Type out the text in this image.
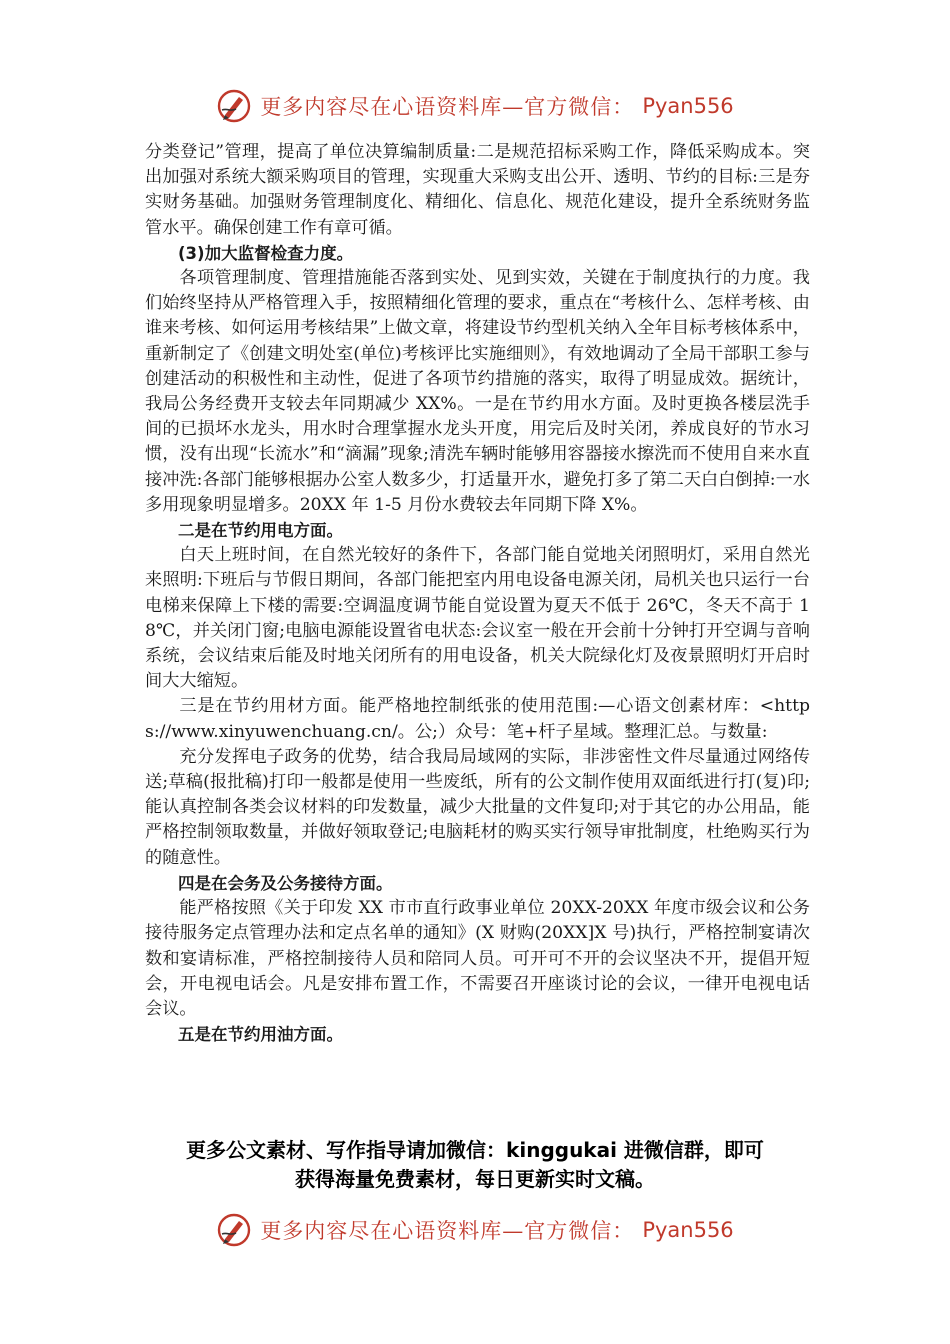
更多内容尽在心语资料库—官方微信： Pyan556

分类登记”管理，提高了单位决算编制质量:二是规范招标采购工作，降低采购成本。突出加强对系统大额采购项目的管理，实现重大采购支出公开、透明、节约的目标:三是夯实财务基础。加强财务管理制度化、精细化、信息化、规范化建设，提升全系统财务监管水平。确保创建工作有章可循。

(3)加大监督检查力度。

各项管理制度、管理措施能否落到实处、见到实效，关键在于制度执行的力度。我们始终坚持从严格管理入手，按照精细化管理的要求，重点在“考核什么、怎样考核、由谁来考核、如何运用考核结果”上做文章，将建设节约型机关纳入全年目标考核体系中，重新制定了《创建文明处室(单位)考核评比实施细则》，有效地调动了全局干部职工参与创建活动的积极性和主动性，促进了各项节约措施的落实，取得了明显成效。据统计，我局公务经费开支较去年同期减少 XX%。一是在节约用水方面。及时更换各楼层洗手间的已损坏水龙头，用水时合理掌握水龙头开度，用完后及时关闭，养成良好的节水习惯，没有出现“长流水”和“滴漏”现象;清洗车辆时能够用容器接水擦洗而不使用自来水直接冲洗:各部门能够根据办公室人数多少，打适量开水，避免打多了第二天白白倒掉:一水多用现象明显增多。20XX 年 1-5 月份水费较去年同期下降 X%。

二是在节约用电方面。

白天上班时间，在自然光较好的条件下，各部门能自觉地关闭照明灯，采用自然光来照明:下班后与节假日期间，各部门能把室内用电设备电源关闭，局机关也只运行一台电梯来保障上下楼的需要:空调温度调节能自觉设置为夏天不低于 26℃，冬天不高于 18℃，并关闭门窗;电脑电源能设置省电状态:会议室一般在开会前十分钟打开空调与音响系统，会议结束后能及时地关闭所有的用电设备，机关大院绿化灯及夜景照明灯开启时间大大缩短。

三是在节约用材方面。能严格地控制纸张的使用范围:—心语文创素材库：<https://www.xinyuwenchuang.cn/。公;）众号：笔+杆子星域。整理汇总。与数量:

充分发挥电子政务的优势，结合我局局域网的实际，非涉密性文件尽量通过网络传送;草稿(报批稿)打印一般都是使用一些废纸，所有的公文制作使用双面纸进行打(复)印;能认真控制各类会议材料的印发数量，减少大批量的文件复印;对于其它的办公用品，能严格控制领取数量，并做好领取登记;电脑耗材的购买实行领导审批制度，杜绝购买行为的随意性。

四是在会务及公务接待方面。

能严格按照《关于印发 XX 市市直行政事业单位 20XX-20XX 年度市级会议和公务接待服务定点管理办法和定点名单的通知》(X 财购(20XX]X 号)执行，严格控制宴请次数和宴请标准，严格控制接待人员和陪同人员。可开可不开的会议坚决不开，提倡开短会，开电视电话会。凡是安排布置工作，不需要召开座谈讨论的会议，一律开电视电话会议。

五是在节约用油方面。

更多公文素材、写作指导请加微信：kinggukai 进微信群，即可
获得海量免费素材，每日更新实时文稿。
更多内容尽在心语资料库—官方微信： Pyan556
